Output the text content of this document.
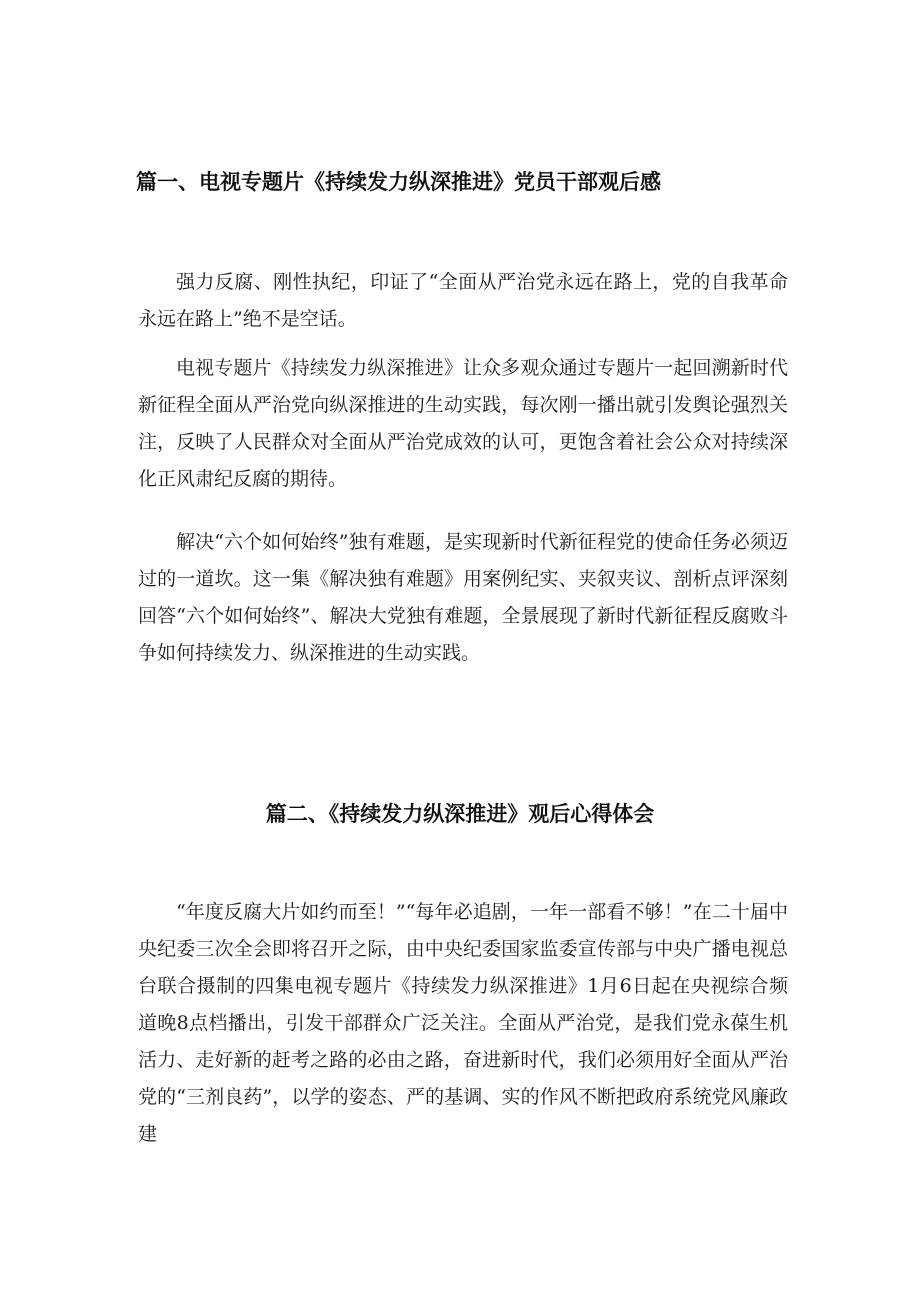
篇一、电视专题片《持续发力纵深推进》党员干部观后感

强力反腐、刚性执纪，印证了“全面从严治党永远在路上，党的自我革命永远在路上”绝不是空话。

电视专题片《持续发力纵深推进》让众多观众通过专题片一起回溯新时代新征程全面从严治党向纵深推进的生动实践，每次刚一播出就引发舆论强烈关注，反映了人民群众对全面从严治党成效的认可，更饱含着社会公众对持续深化正风肃纪反腐的期待。

解决“六个如何始终”独有难题，是实现新时代新征程党的使命任务必须迈过的一道坎。这一集《解决独有难题》用案例纪实、夹叙夹议、剖析点评深刻回答“六个如何始终”、解决大党独有难题，全景展现了新时代新征程反腐败斗争如何持续发力、纵深推进的生动实践。

篇二、《持续发力纵深推进》观后心得体会

“年度反腐大片如约而至！”“每年必追剧，一年一部看不够！”在二十届中央纪委三次全会即将召开之际，由中央纪委国家监委宣传部与中央广播电视总台联合摄制的四集电视专题片《持续发力纵深推进》1月6日起在央视综合频道晚8点档播出，引发干部群众广泛关注。全面从严治党，是我们党永葆生机活力、走好新的赶考之路的必由之路，奋进新时代，我们必须用好全面从严治党的“三剂良药”，以学的姿态、严的基调、实的作风不断把政府系统党风廉政建
